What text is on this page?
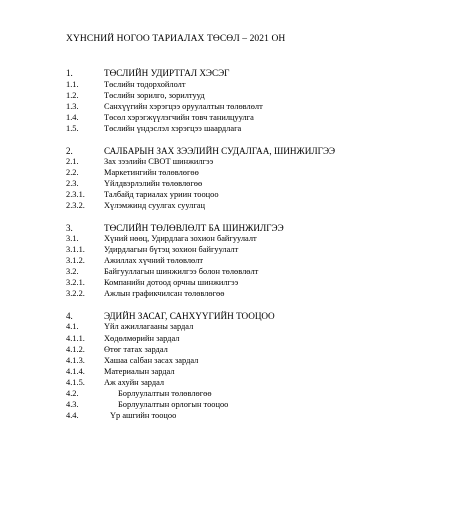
ХҮНСНИЙ НОГОО ТАРИАЛАХ ТӨСӨЛ – 2021 ОН
1.	ТӨСЛИЙН УДИРТГАЛ ХЭСЭГ
1.1.	Төслийн тодорхойлолт
1.2.	Төслийн зорилго, зорилтууд
1.3.	Санхүүгийн хэрэгцээ оруулалтын төлөвлөлт
1.4.	Төсөл хэрэгжүүлэгчийн товч танилцуулга
1.5.	Төслийн үндэслэл хэрэгцээ шаардлага
2.	САЛБАРЫН ЗАХ ЗЭЭЛИЙН СУДАЛГАА, ШИНЖИЛГЭЭ
2.1.	Зах зээлийн СВОТ шинжилгээ
2.2.	Маркетингийн төлөвлөгөө
2.3.	Үйлдвэрлэлийн төлөвлөгөө
2.3.1. Талбайд тариалах уриин тооцоо
2.3.2. Хүлэмжинд суулгах суулгац
3.	ТӨСЛИЙН ТӨЛӨВЛӨЛТ БА ШИНЖИЛГЭЭ
3.1.	Хүний нөөц, Удирдлага зохион байгуулалт
3.1.1. Удирдлагын бүтэц зохион байгуулалт
3.1.2. Ажиллах хүчний төлөвлөлт
3.2.	Байгууллагын шинжилгээ болон төлөвлөлт
3.2.1. Компанийн дотоод орчны шинжилгээ
3.2.2. Ажлын графикчилсан төлөвлөгөө
4.	ЭДИЙН ЗАСАГ, САНХҮҮГИЙН ТООЦОО
4.1.	Үйл ажиллагааны зардал
4.1.1. Хөдөлмөрийн зардал
4.1.2. Өтөг татах зардал
4.1.3. Хашаа саlбан засах зардал
4.1.4. Материалын зардал
4.1.5. Аж ахуйн зардал
4.2.	Борлуулалтын төлөвлөгөө
4.3.	Борлуулалтын орлогын тооцоо
4.4.	Үр ашгийн тооцоо
